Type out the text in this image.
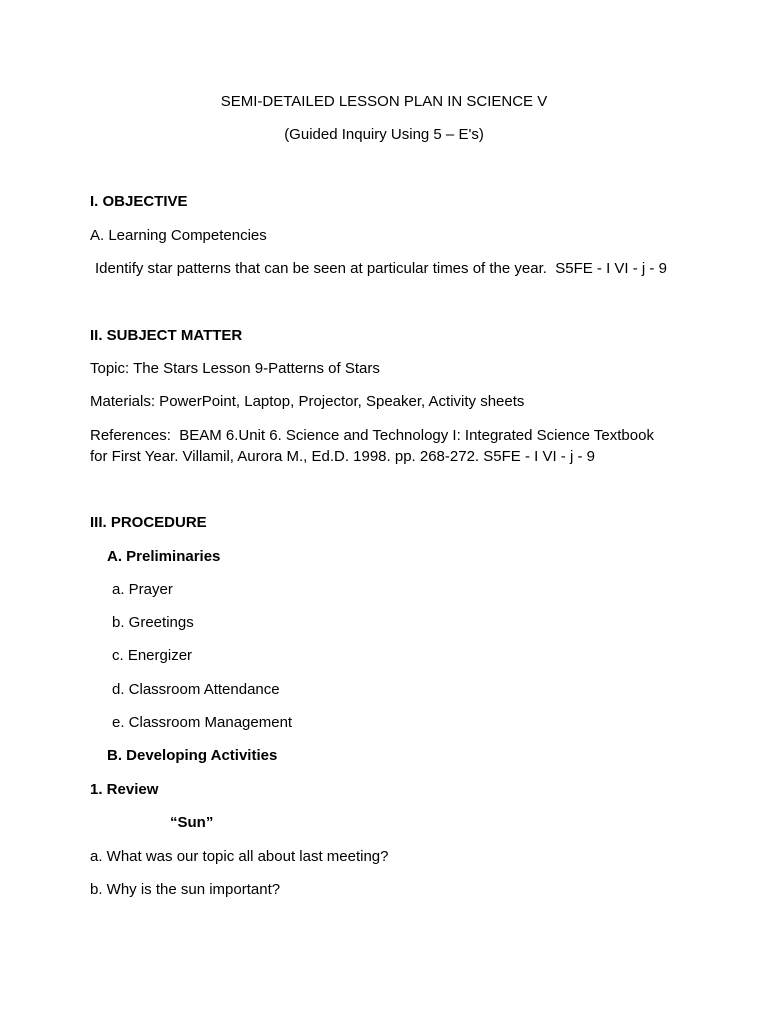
SEMI-DETAILED LESSON PLAN IN SCIENCE V
(Guided Inquiry Using 5 – E's)
I. OBJECTIVE
A. Learning Competencies
Identify star patterns that can be seen at particular times of the year.  S5FE - I VI - j - 9
II. SUBJECT MATTER
Topic: The Stars Lesson 9-Patterns of Stars
Materials: PowerPoint, Laptop, Projector, Speaker, Activity sheets
References:  BEAM 6.Unit 6. Science and Technology I: Integrated Science Textbook
for First Year. Villamil, Aurora M., Ed.D. 1998. pp. 268-272. S5FE - I VI - j - 9
III. PROCEDURE
A. Preliminaries
a. Prayer
b. Greetings
c. Energizer
d. Classroom Attendance
e. Classroom Management
B. Developing Activities
1. Review
“Sun”
a. What was our topic all about last meeting?
b. Why is the sun important?
